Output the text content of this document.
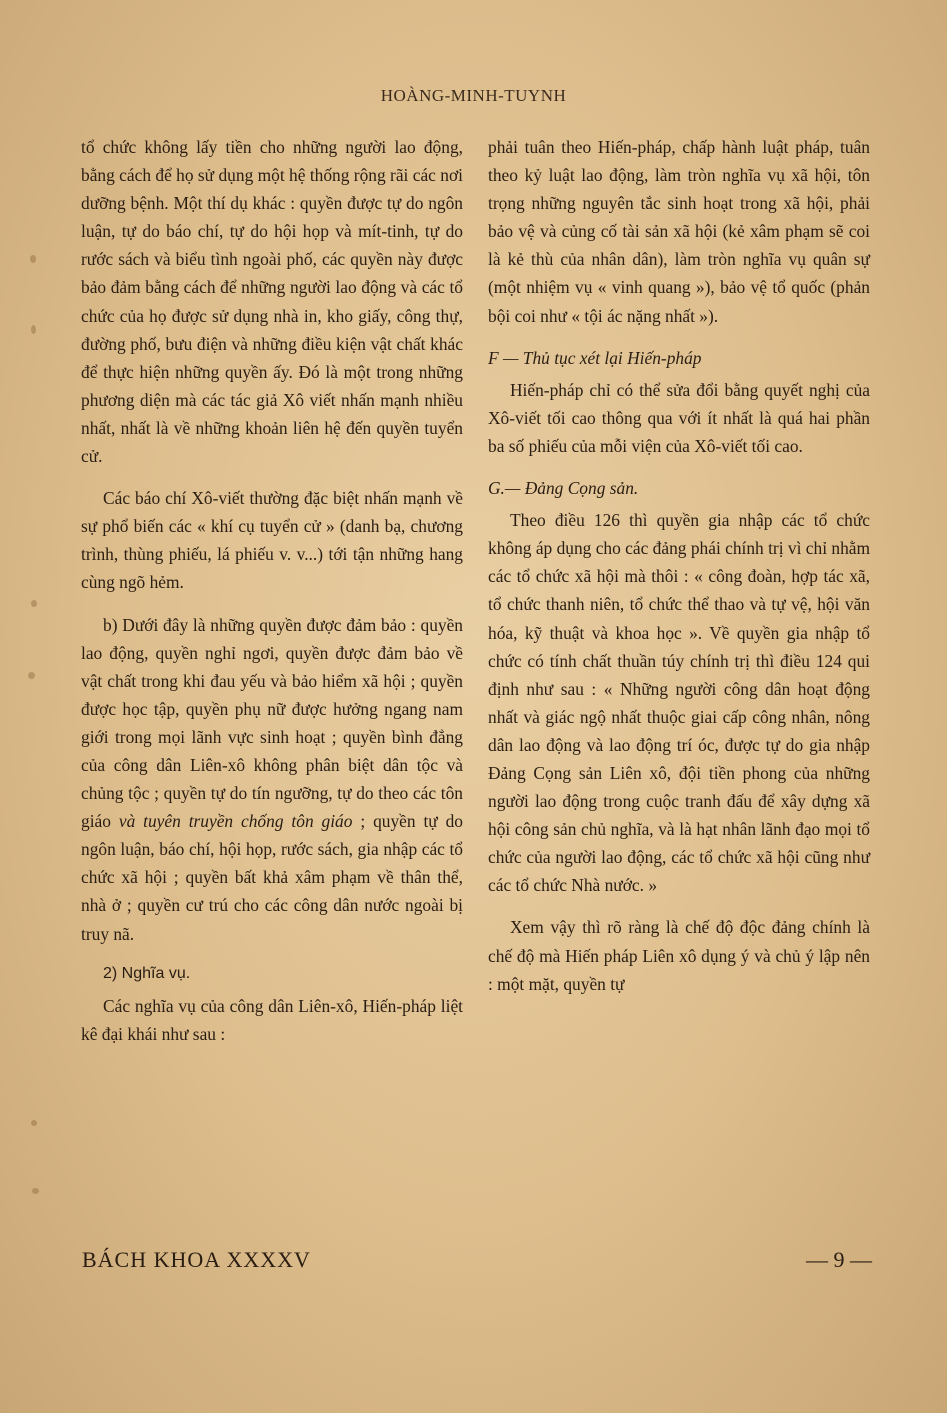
HOÀNG-MINH-TUYNH

tổ chức không lấy tiền cho những người lao động, bằng cách để họ sử dụng một hệ thống rộng rãi các nơi dưỡng bệnh. Một thí dụ khác : quyền được tự do ngôn luận, tự do báo chí, tự do hội họp và mít-tinh, tự do rước sách và biểu tình ngoài phố, các quyền này được bảo đảm bằng cách để những người lao động và các tổ chức của họ được sử dụng nhà in, kho giấy, công thự, đường phố, bưu điện và những điều kiện vật chất khác để thực hiện những quyền ấy. Đó là một trong những phương diện mà các tác giả Xô viết nhấn mạnh nhiều nhất, nhất là về những khoản liên hệ đến quyền tuyển cử.

Các báo chí Xô-viết thường đặc biệt nhấn mạnh về sự phổ biến các « khí cụ tuyển cử » (danh bạ, chương trình, thùng phiếu, lá phiếu v. v...) tới tận những hang cùng ngõ hẻm.

b) Dưới đây là những quyền được đảm bảo : quyền lao động, quyền nghỉ ngơi, quyền được đảm bảo về vật chất trong khi đau yếu và bảo hiểm xã hội ; quyền được học tập, quyền phụ nữ được hưởng ngang nam giới trong mọi lãnh vực sinh hoạt ; quyền bình đẳng của công dân Liên-xô không phân biệt dân tộc và chủng tộc ; quyền tự do tín ngưỡng, tự do theo các tôn giáo và tuyên truyền chống tôn giáo ; quyền tự do ngôn luận, báo chí, hội họp, rước sách, gia nhập các tổ chức xã hội ; quyền bất khả xâm phạm về thân thể, nhà ở ; quyền cư trú cho các công dân nước ngoài bị truy nã.

2) Nghĩa vụ.

Các nghĩa vụ của công dân Liên-xô, Hiến-pháp liệt kê đại khái như sau :

phải tuân theo Hiến-pháp, chấp hành luật pháp, tuân theo kỷ luật lao động, làm tròn nghĩa vụ xã hội, tôn trọng những nguyên tắc sinh hoạt trong xã hội, phải bảo vệ và củng cố tài sản xã hội (kẻ xâm phạm sẽ coi là kẻ thù của nhân dân), làm tròn nghĩa vụ quân sự (một nhiệm vụ « vinh quang »), bảo vệ tổ quốc (phản bội coi như « tội ác nặng nhất »).

F — Thủ tục xét lại Hiến-pháp

Hiến-pháp chỉ có thể sửa đổi bằng quyết nghị của Xô-viết tối cao thông qua với ít nhất là quá hai phần ba số phiếu của mỗi viện của Xô-viết tối cao.

G.— Đảng Cọng sản.

Theo điều 126 thì quyền gia nhập các tổ chức không áp dụng cho các đảng phái chính trị vì chỉ nhằm các tổ chức xã hội mà thôi : « công đoàn, hợp tác xã, tổ chức thanh niên, tổ chức thể thao và tự vệ, hội văn hóa, kỹ thuật và khoa học ». Về quyền gia nhập tổ chức có tính chất thuần túy chính trị thì điều 124 qui định như sau : « Những người công dân hoạt động nhất và giác ngộ nhất thuộc giai cấp công nhân, nông dân lao động và lao động trí óc, được tự do gia nhập Đảng Cọng sản Liên xô, đội tiền phong của những người lao động trong cuộc tranh đấu để xây dựng xã hội công sản chủ nghĩa, và là hạt nhân lãnh đạo mọi tổ chức của người lao động, các tổ chức xã hội cũng như các tổ chức Nhà nước. »

Xem vậy thì rõ ràng là chế độ độc đảng chính là chế độ mà Hiến pháp Liên xô dụng ý và chủ ý lập nên : một mặt, quyền tự

BÁCH KHOA XXXXV	— 9 —
